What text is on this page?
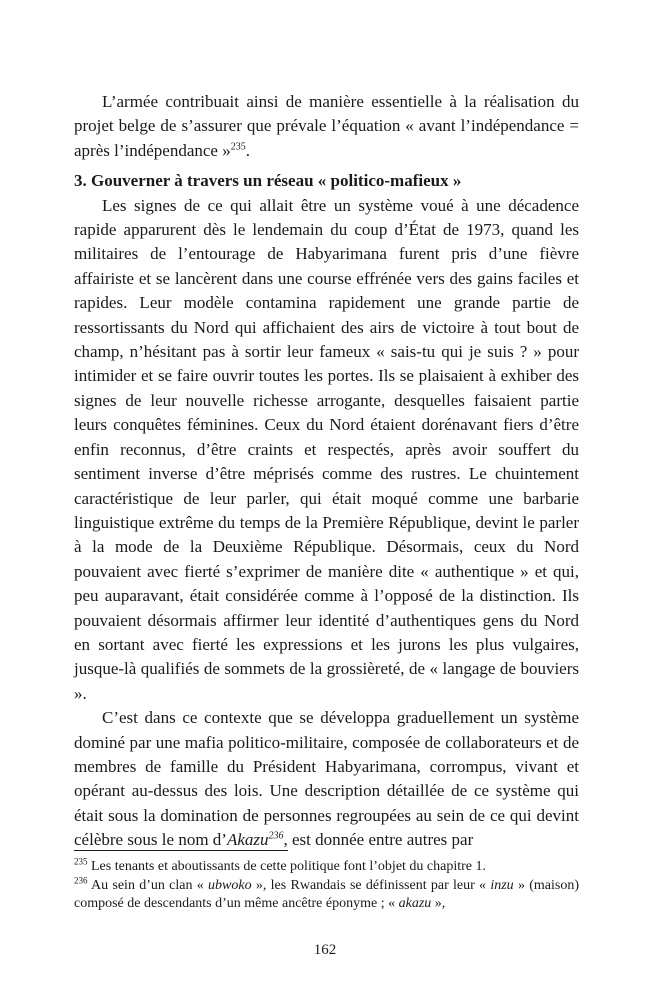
L’armée contribuait ainsi de manière essentielle à la réalisation du projet belge de s’assurer que prévale l’équation « avant l’indépendance = après l’indépendance »$^{235}$.

3. Gouverner à travers un réseau « politico-mafieux »

Les signes de ce qui allait être un système voué à une décadence rapide apparurent dès le lendemain du coup d’État de 1973, quand les militaires de l’entourage de Habyarimana furent pris d’une fièvre affairiste et se lancèrent dans une course effrénée vers des gains faciles et rapides. Leur modèle contamina rapidement une grande partie de ressortissants du Nord qui affichaient des airs de victoire à tout bout de champ, n’hésitant pas à sortir leur fameux « sais-tu qui je suis ? » pour intimider et se faire ouvrir toutes les portes. Ils se plaisaient à exhiber des signes de leur nouvelle richesse arrogante, desquelles faisaient partie leurs conquêtes féminines. Ceux du Nord étaient dorénavant fiers d’être enfin reconnus, d’être craints et respectés, après avoir souffert du sentiment inverse d’être méprisés comme des rustres. Le chuintement caractéristique de leur parler, qui était moqué comme une barbarie linguistique extrême du temps de la Première République, devint le parler à la mode de la Deuxième République. Désormais, ceux du Nord pouvaient avec fierté s’exprimer de manière dite « authentique » et qui, peu auparavant, était considérée comme à l’opposé de la distinction. Ils pouvaient désormais affirmer leur identité d’authentiques gens du Nord en sortant avec fierté les expressions et les jurons les plus vulgaires, jusque-là qualifiés de sommets de la grossièreté, de « langage de bouviers ».

C’est dans ce contexte que se développa graduellement un système dominé par une mafia politico-militaire, composée de collaborateurs et de membres de famille du Président Habyarimana, corrompus, vivant et opérant au-dessus des lois. Une description détaillée de ce système qui était sous la domination de personnes regroupées au sein de ce qui devint célèbre sous le nom d’Akazu$^{236}$, est donnée entre autres par

$^{235}$ Les tenants et aboutissants de cette politique font l’objet du chapitre 1.

$^{236}$ Au sein d’un clan « ubwoko », les Rwandais se définissent par leur « inzu » (maison) composé de descendants d’un même ancêtre éponyme ; « akazu »,

162
